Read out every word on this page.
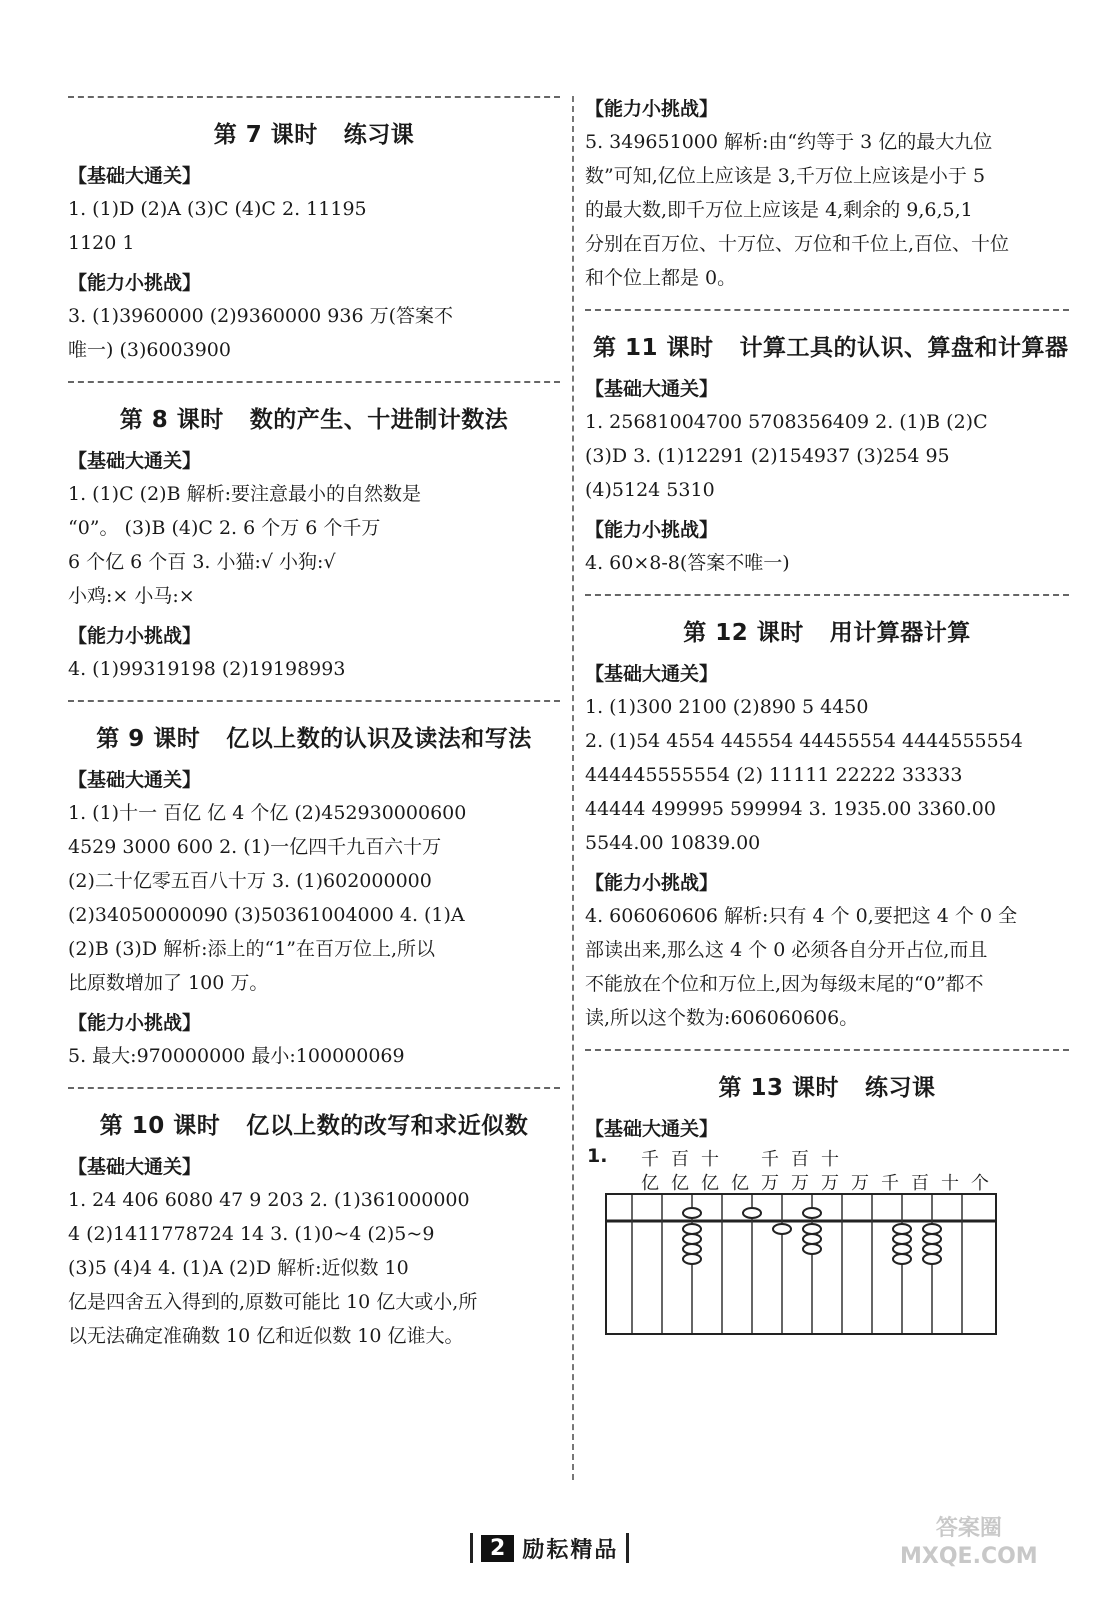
第 7 课时 练习课
【基础大通关】

1. (1)D (2)A (3)C (4)C 2. 11195

1120 1

【能力小挑战】

3. (1)3960000 (2)9360000 936 万(答案不

唯一) (3)6003900

第 8 课时 数的产生、十进制计数法
【基础大通关】

1. (1)C (2)B 解析:要注意最小的自然数是

“0”。 (3)B (4)C 2. 6 个万 6 个千万

6 个亿 6 个百 3. 小猫:√ 小狗:√

小鸡:× 小马:×

【能力小挑战】

4. (1)99319198 (2)19198993

第 9 课时 亿以上数的认识及读法和写法
【基础大通关】

1. (1)十一 百亿 亿 4 个亿 (2)452930000600

4529 3000 600 2. (1)一亿四千九百六十万

(2)二十亿零五百八十万 3. (1)602000000

(2)34050000090 (3)50361004000 4. (1)A

(2)B (3)D 解析:添上的“1”在百万位上,所以

比原数增加了 100 万。

【能力小挑战】

5. 最大:970000000 最小:100000069

第 10 课时 亿以上数的改写和求近似数
【基础大通关】

1. 24 406 6080 47 9 203 2. (1)361000000

4 (2)1411778724 14 3. (1)0~4 (2)5~9

(3)5 (4)4 4. (1)A (2)D 解析:近似数 10

亿是四舍五入得到的,原数可能比 10 亿大或小,所

以无法确定准确数 10 亿和近似数 10 亿谁大。

【能力小挑战】

5. 349651000 解析:由“约等于 3 亿的最大九位

数”可知,亿位上应该是 3,千万位上应该是小于 5

的最大数,即千万位上应该是 4,剩余的 9,6,5,1

分别在百万位、十万位、万位和千位上,百位、十位

和个位上都是 0。

第 11 课时 计算工具的认识、算盘和计算器
【基础大通关】

1. 25681004700 5708356409 2. (1)B (2)C

(3)D 3. (1)12291 (2)154937 (3)254 95

(4)5124 5310

【能力小挑战】

4. 60×8-8(答案不唯一)

第 12 课时 用计算器计算
【基础大通关】

1. (1)300 2100 (2)890 5 4450

2. (1)54 4554 445554 44455554 4444555554

444445555554 (2) 11111 22222 33333

44444 499995 599994 3. 1935.00 3360.00

5544.00 10839.00

【能力小挑战】

4. 606060606 解析:只有 4 个 0,要把这 4 个 0 全

部读出来,那么这 4 个 0 必须各自分开占位,而且

不能放在个位和万位上,因为每级末尾的“0”都不

读,所以这个数为:606060606。

第 13 课时 练习课
【基础大通关】
1. 千 百 十 千 百 十
亿 亿 亿 亿 万 万 万 万 千 百 十 个
2 励耘精品
答案圈
MXQE.COM
